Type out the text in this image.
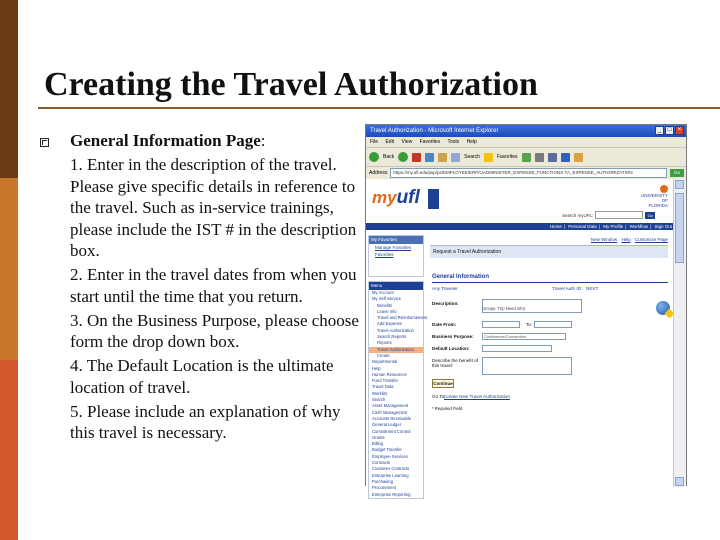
Creating the Travel Authorization

General Information Page:

1. Enter in the description of the travel. Please give specific details in reference to the travel. Such as in-service trainings, please include the IST # in the description box.

2. Enter in the travel dates from when you start until the time that you return.

3. On the Business Purpose, please choose form the drop down box.

4. The Default Location is the ultimate location of travel.

5. Please include an explanation of why this travel is necessary.

Travel Authorization - Microsoft Internet Explorer	_	□	×
File Edit View Favorites Tools Help
Back	Search	Favorites
Address	https://my.ufl.edu/psp/ps/EMPLOYEE/ERP/c/ADMINISTER_EXPENSE_FUNCTIONS.TA_EXPENSE_AUTHORIZATION	Go
myufl	UNIVERSITY OF
FLORIDA
Search myUFL:	Go
Home | Personal Data | My Profile | Workflow | Sign Out
New Window Help Customize Page
My Favorites
Manage Favorites
Favorites
Menu
My Account
My Self Service
Benefits
Leave Info
Travel and Reimbursement
Add Expense
Travel Authorization
Search Reports
Reports
Travel Authorization
Create
Departmental
Help
Human Resources
Fund Transfer
Travel Data
Worklist
Search
Asset Management
Cash Management
Accounts Receivable
General Ledger
Commitment Control
Grants
Billing
Budget Transfer
Employee Services
Contracts
Customer Contracts
Enterprise Learning
Purchasing
Procurement
Enterprise Reporting
Request a Travel Authorization
General Information
Any Traveler	Travel Auth ID: NEXT
Description:
(Scope, Trip Need info)
Date From:	To:
Business Purpose:	Conference/Convention
Default Location:
Describe the benefit of this travel:
Continue
Go To:
Create New Travel Authorization
* Required Field
